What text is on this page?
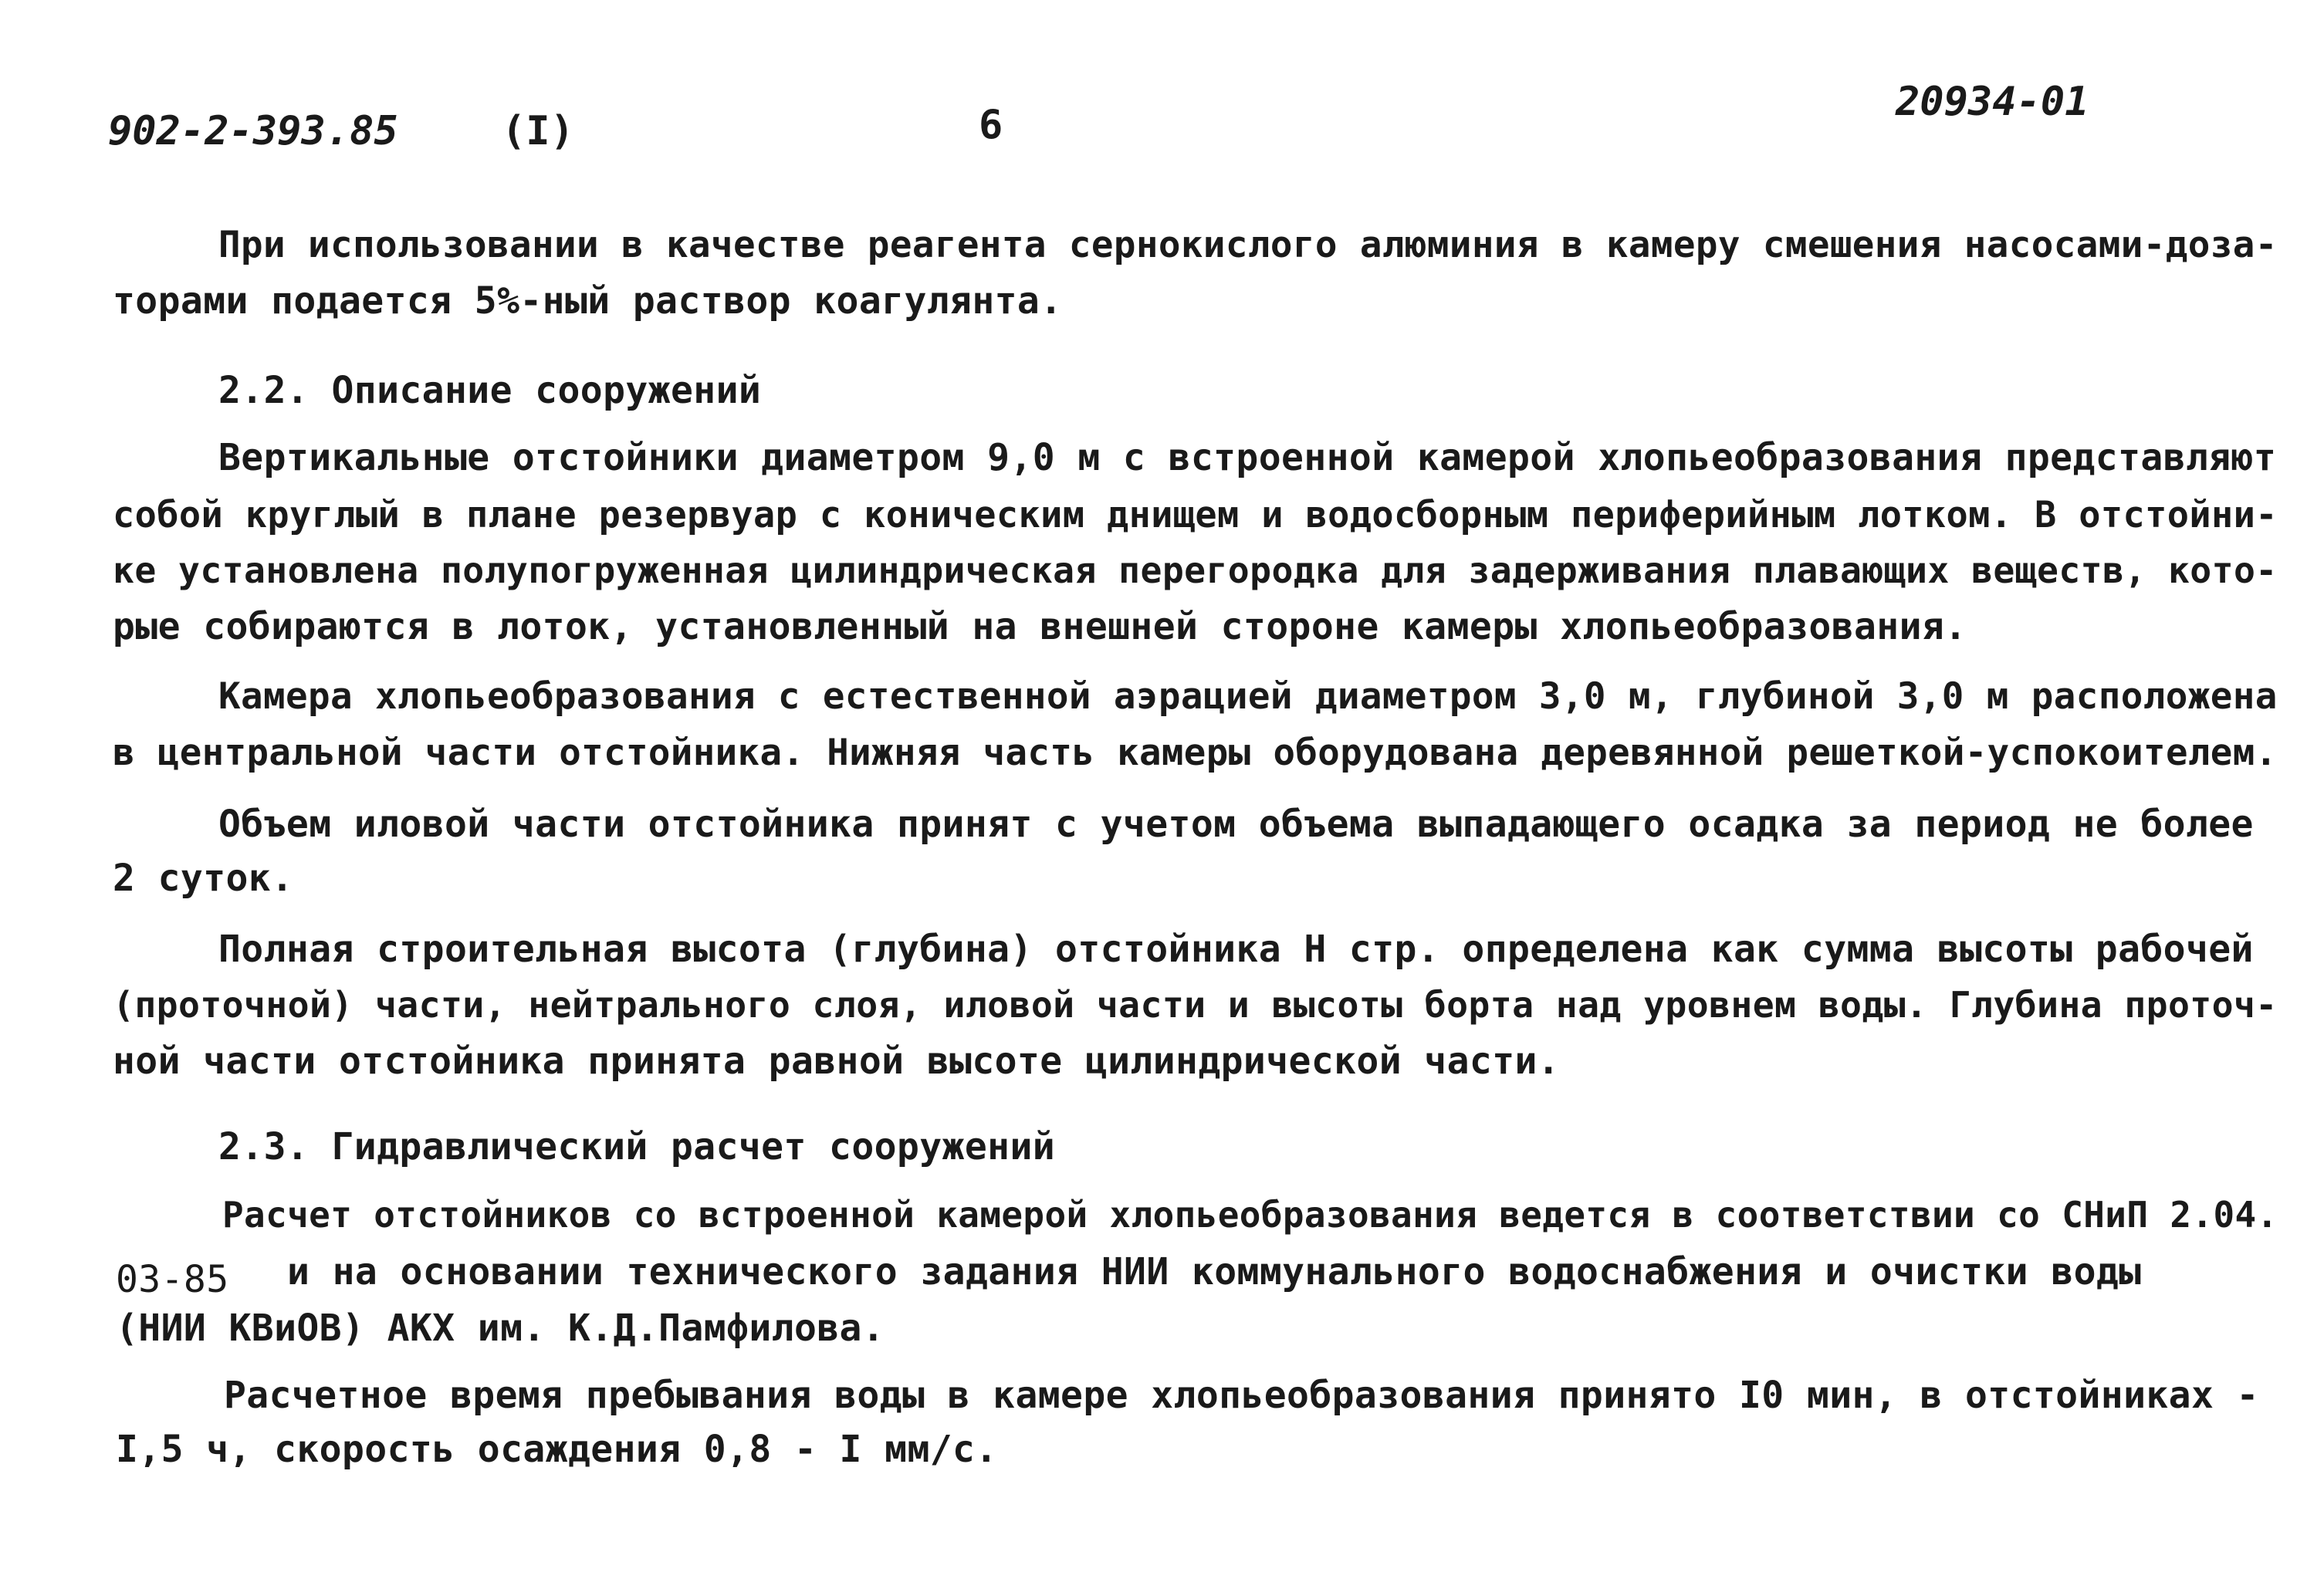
902-2-393.85	(I)	6	20934-01
При использовании в качестве реагента сернокислого алюминия в камеру смешения насосами-доза-
торами подается 5%-ный раствор коагулянта.
2.2. Описание сооружений
Вертикальные отстойники диаметром 9,0 м с встроенной камерой хлопьеобразования представляют
собой круглый в плане резервуар с коническим днищем и водосборным периферийным лотком. В отстойни-
ке установлена полупогруженная цилиндрическая перегородка для задерживания плавающих веществ, кото-
рые собираются в лоток, установленный на внешней стороне камеры хлопьеобразования.
Камера хлопьеобразования с естественной аэрацией диаметром 3,0 м, глубиной 3,0 м расположена
в центральной части отстойника. Нижняя часть камеры оборудована деревянной решеткой-успокоителем.
Объем иловой части отстойника принят с учетом объема выпадающего осадка за период не более
2 суток.
Полная строительная высота (глубина) отстойника Н стр. определена как сумма высоты рабочей
(проточной) части, нейтрального слоя, иловой части и высоты борта над уровнем воды. Глубина проточ-
ной части отстойника принята равной высоте цилиндрической части.
2.3. Гидравлический расчет сооружений
Расчет отстойников со встроенной камерой хлопьеобразования ведется в соответствии со СНиП 2.04.
03-85 и на основании технического задания НИИ коммунального водоснабжения и очистки воды
(НИИ КВиОВ) АКХ им. К.Д.Памфилова.
Расчетное время пребывания воды в камере хлопьеобразования принято I0 мин, в отстойниках -
I,5 ч, скорость осаждения 0,8 - I мм/с.
